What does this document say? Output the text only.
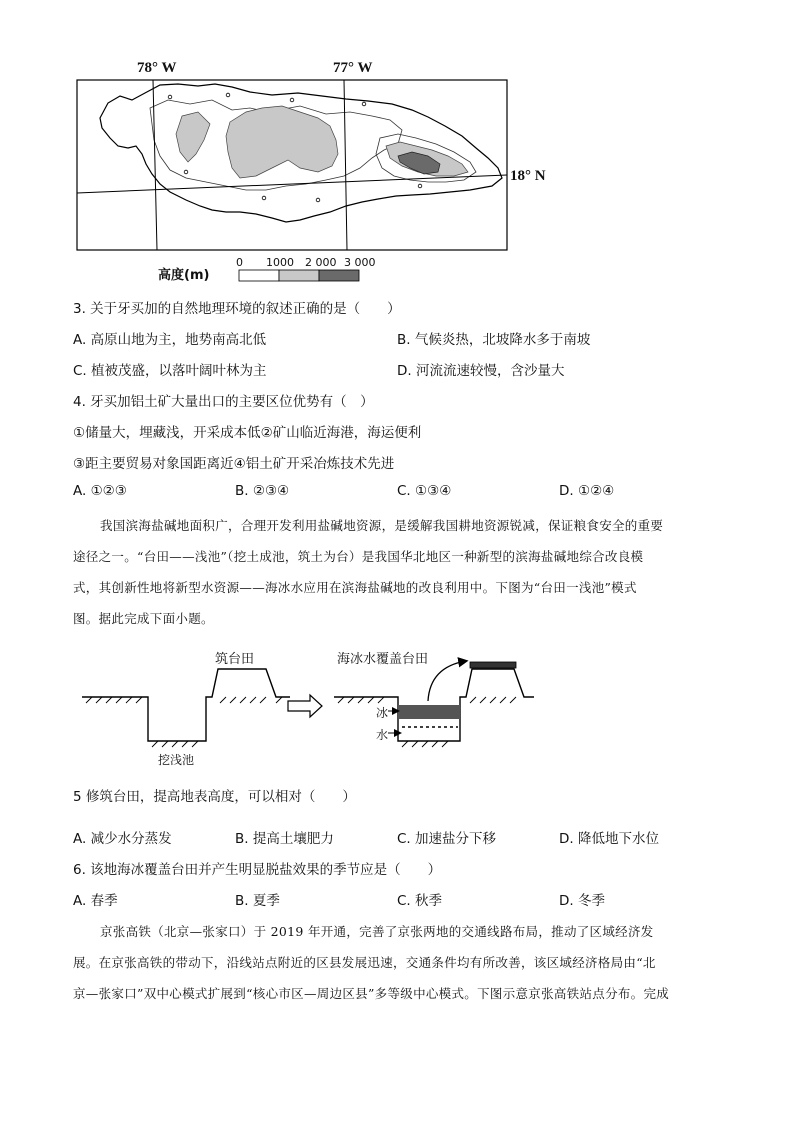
78° W	77° W
18° N
高度(m)
0 1000 2 000 3 000
3. 关于牙买加的自然地理环境的叙述正确的是（　　）
A. 高原山地为主，地势南高北低	B. 气候炎热，北坡降水多于南坡
C. 植被茂盛，以落叶阔叶林为主	D. 河流流速较慢，含沙量大
4. 牙买加铝土矿大量出口的主要区位优势有（　）
①储量大，埋藏浅，开采成本低②矿山临近海港，海运便利
③距主要贸易对象国距离近④铝土矿开采冶炼技术先进
A. ①②③	B. ②③④	C. ①③④	D. ①②④
我国滨海盐碱地面积广，合理开发利用盐碱地资源，是缓解我国耕地资源锐减，保证粮食安全的重要
途径之一。“台田——浅池”（挖土成池，筑土为台）是我国华北地区一种新型的滨海盐碱地综合改良模
式，其创新性地将新型水资源——海冰水应用在滨海盐碱地的改良利用中。下图为“台田一浅池”模式
图。据此完成下面小题。
筑台田
挖浅池
海冰水覆盖台田
冰
水
5 修筑台田，提高地表高度，可以相对（　　）
A. 减少水分蒸发	B. 提高土壤肥力	C. 加速盐分下移	D. 降低地下水位
6. 该地海冰覆盖台田并产生明显脱盐效果的季节应是（　　）
A. 春季	B. 夏季	C. 秋季	D. 冬季
京张高铁（北京—张家口）于 2019 年开通，完善了京张两地的交通线路布局，推动了区域经济发
展。在京张高铁的带动下，沿线站点附近的区县发展迅速，交通条件均有所改善，该区域经济格局由“北
京—张家口”双中心模式扩展到“核心市区—周边区县”多等级中心模式。下图示意京张高铁站点分布。完成
